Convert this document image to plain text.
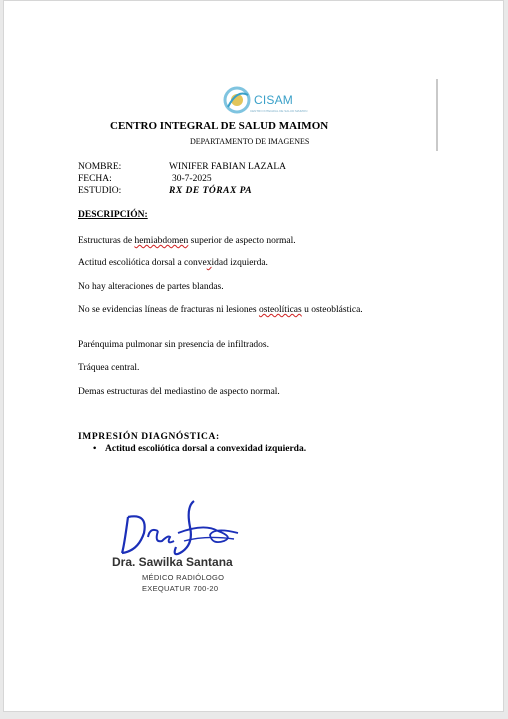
CISAM
CENTRO INTEGRAL DE SALUD MAIMON
CENTRO INTEGRAL DE SALUD MAIMON
DEPARTAMENTO DE IMAGENES
NOMBRE:	WINIFER FABIAN LAZALA
FECHA:	30-7-2025
ESTUDIO:	RX DE TÓRAX PA
DESCRIPCIÓN:
Estructuras de hemiabdomen superior de aspecto normal.
Actitud escoliótica dorsal a convexidad izquierda.
No hay alteraciones de partes blandas.
No se evidencias líneas de fracturas ni lesiones osteolíticas u osteoblástica.
Parénquima pulmonar sin presencia de infiltrados.
Tráquea central.
Demas estructuras del mediastino de aspecto normal.
IMPRESIÓN DIAGNÓSTICA:
• Actitud escoliótica dorsal a convexidad izquierda.
Dra. Sawilka Santana
MÉDICO RADIÓLOGO
EXEQUATUR 700-20
